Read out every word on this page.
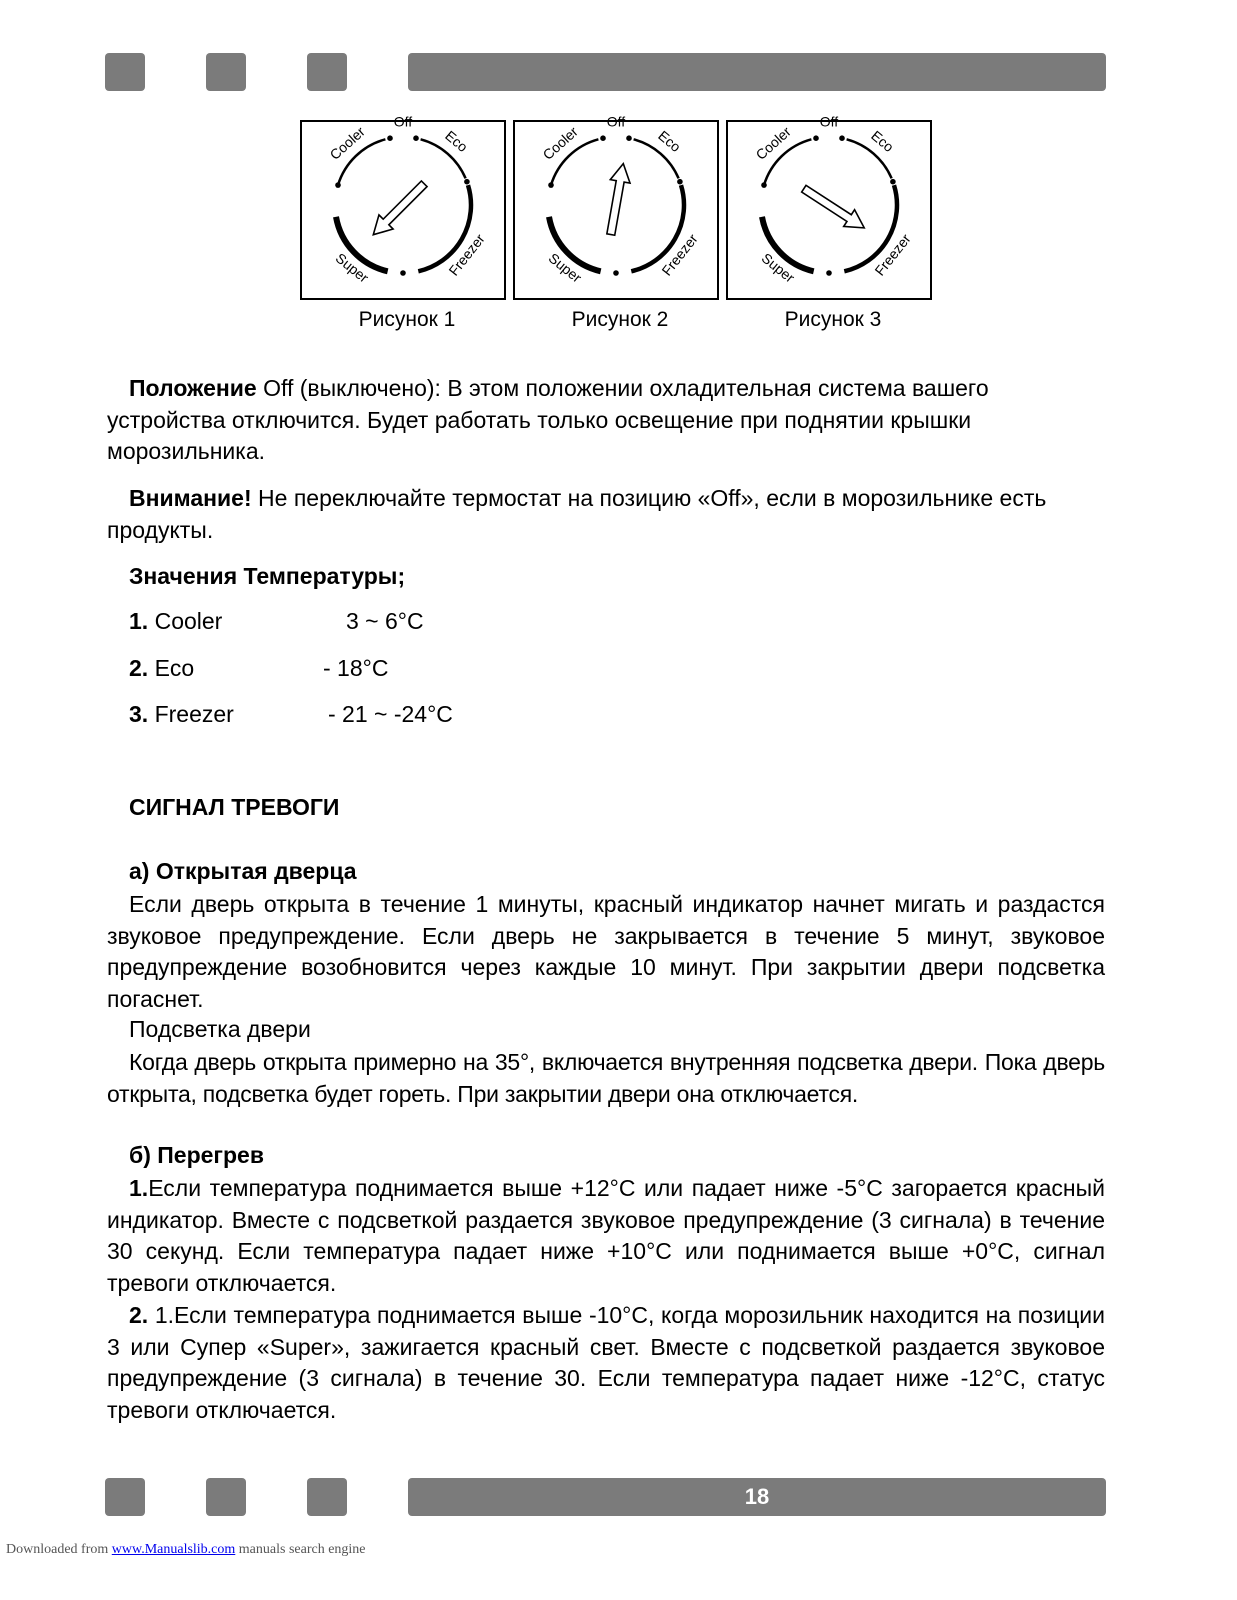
Off
Cooler	Eco
Freezer
Super
Off
Cooler	Eco
Freezer
Super
Off
Cooler	Eco
Freezer
Super
Рисунок 1	Рисунок 2	Рисунок 3

Положение Off (выключено): В этом положении охладительная система вашего устройства отключится. Будет работать только освещение при поднятии крышки морозильника.

Внимание! Не переключайте термостат на позицию «Off», если в морозильнике есть продукты.

Значения Температуры;
1. Cooler	3 ~ 6°C
2. Eco	- 18°C
3. Freezer	- 21 ~ -24°C
СИГНАЛ ТРЕВОГИ
а) Открытая дверца

Если дверь открыта в течение 1 минуты, красный индикатор начнет мигать и раздастся звуковое предупреждение. Если дверь не закрывается в течение 5 минут, звуковое предупреждение возобновится через каждые 10 минут. При закрытии двери подсветка погаснет.

Подсветка двери

Когда дверь открыта примерно на 35°, включается внутренняя подсветка двери. Пока дверь открыта, подсветка будет гореть. При закрытии двери она отключается.

б) Перегрев

1.Если температура поднимается выше +12°C или падает ниже -5°C загорается красный индикатор. Вместе с подсветкой раздается звуковое предупреждение (3 сигнала) в течение 30 секунд. Если температура падает ниже +10°C или поднимается выше +0°C, сигнал тревоги отключается.

2. 1.Если температура поднимается выше -10°C, когда морозильник находится на позиции 3 или Супер «Super», зажигается красный свет. Вместе с подсветкой раздается звуковое предупреждение (3 сигнала) в течение 30. Если температура падает ниже -12°C, статус тревоги отключается.

18
Downloaded from www.Manualslib.com manuals search engine
